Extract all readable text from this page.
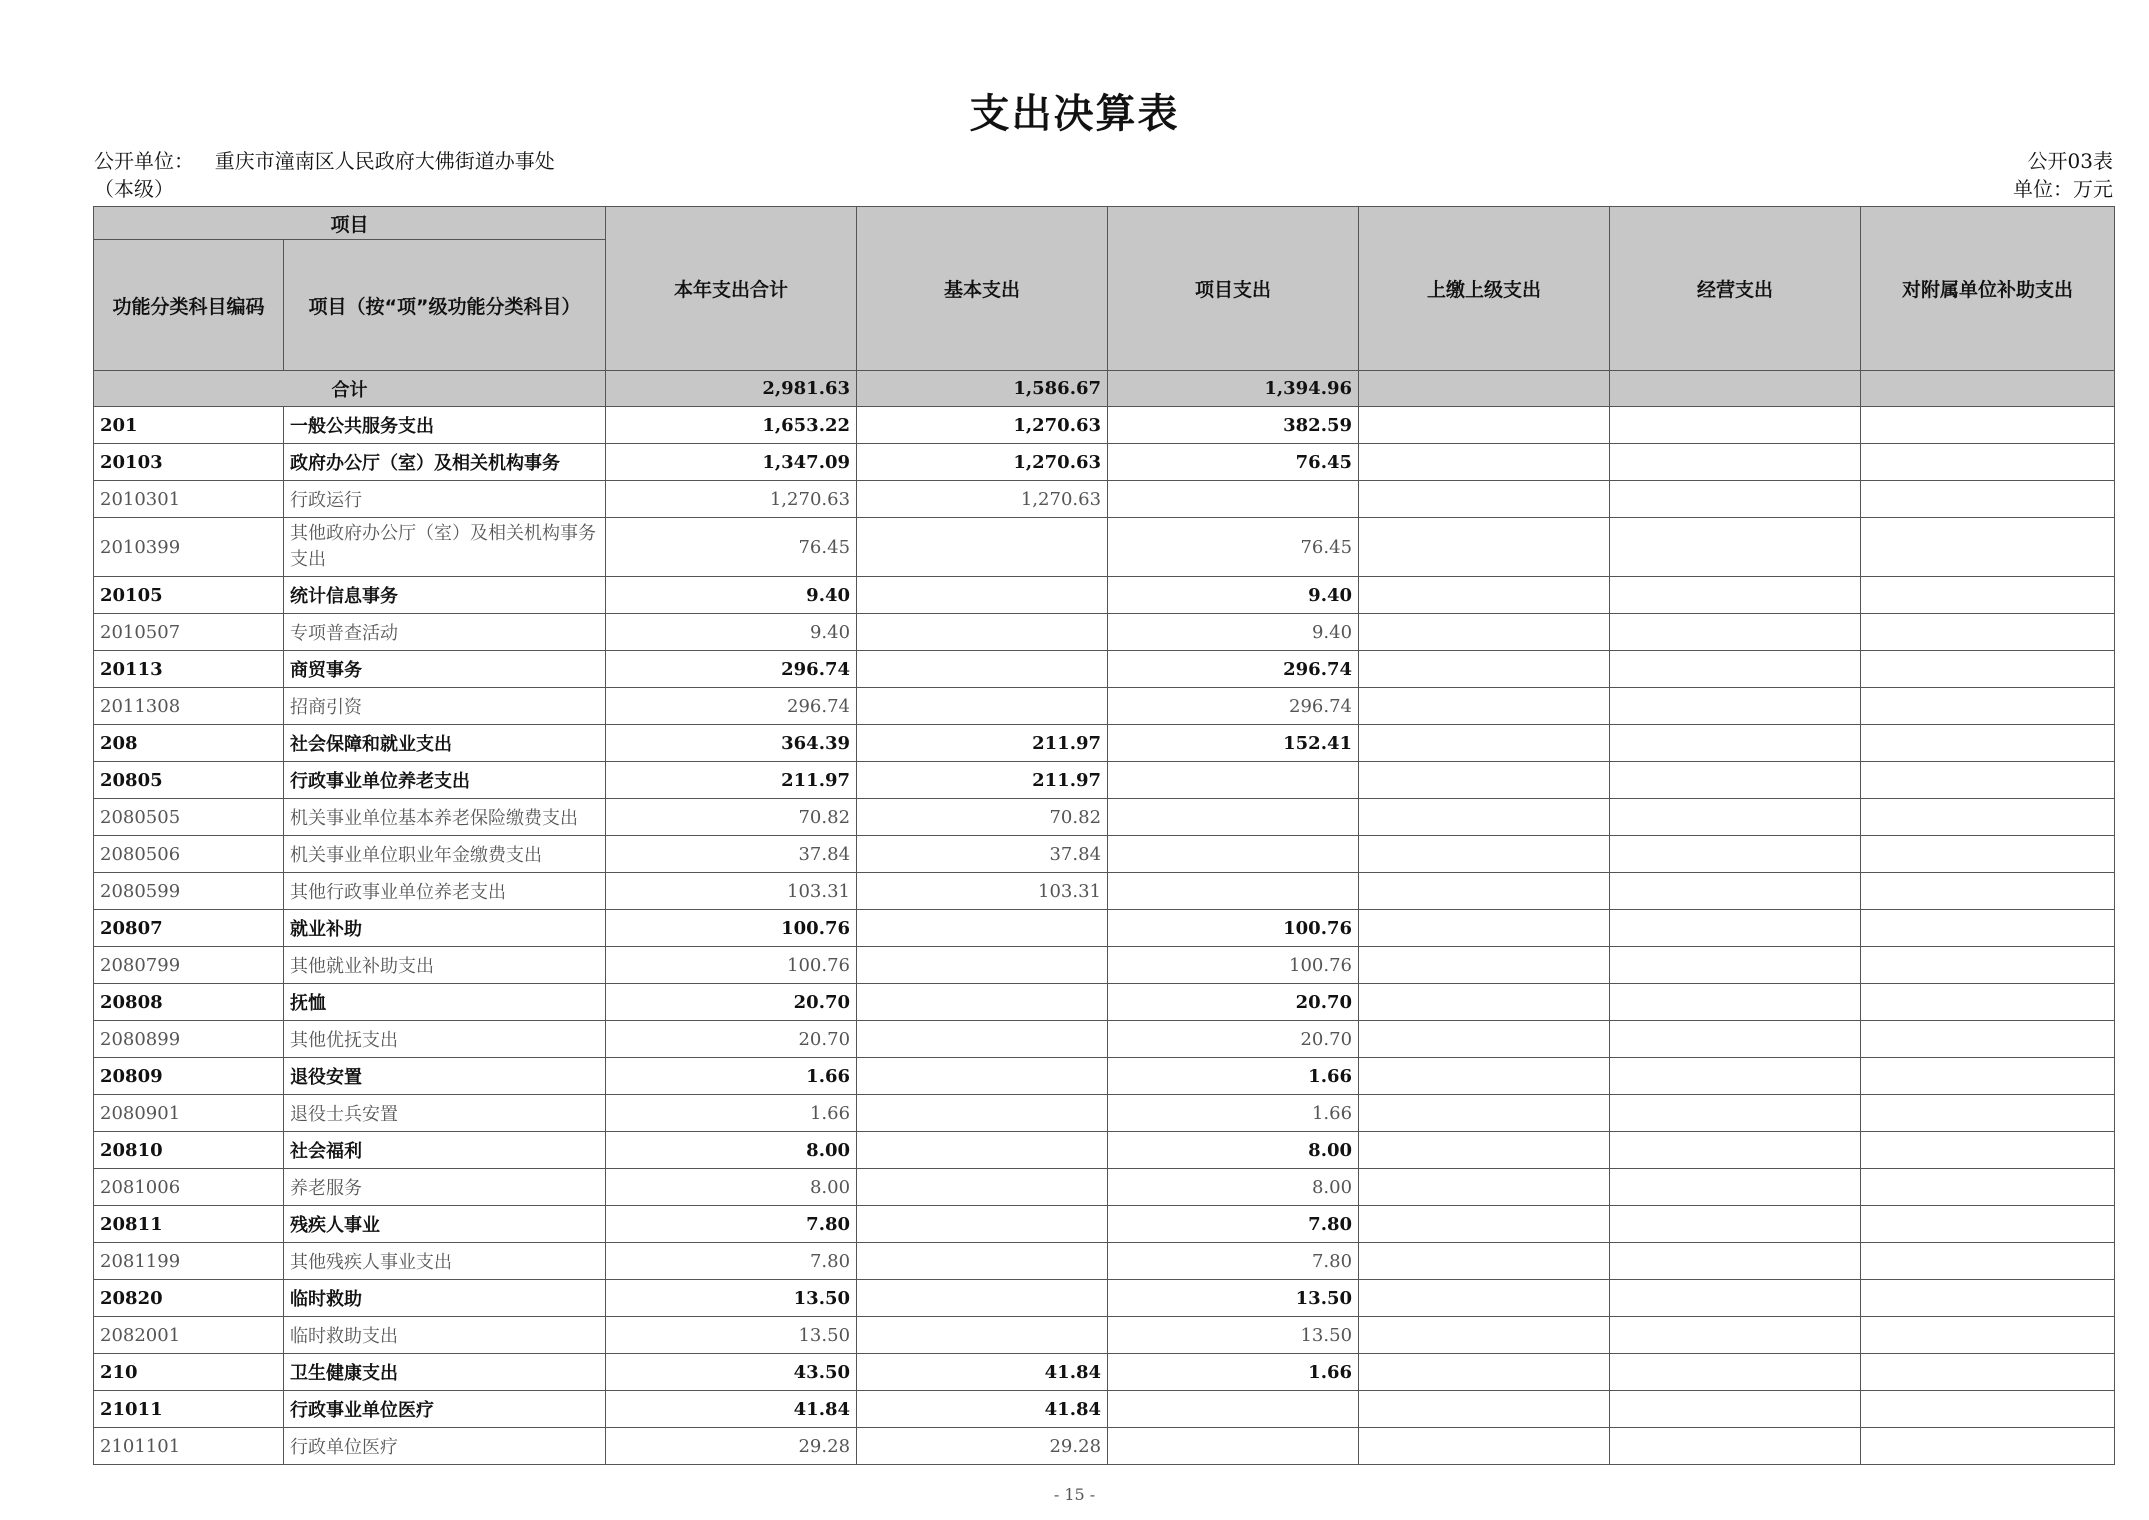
支出决算表
公开单位： 重庆市潼南区人民政府大佛街道办事处
（本级）
公开03表
单位：万元
项目		本年支出合计	基本支出	项目支出	上缴上级支出	经营支出	对附属单位补助支出
功能分类科目编码	项目（按“项”级功能分类科目）						
合计		2,981.63	1,586.67	1,394.96			
201	一般公共服务支出	1,653.22	1,270.63	382.59			
20103	政府办公厅（室）及相关机构事务	1,347.09	1,270.63	76.45			
2010301	行政运行	1,270.63	1,270.63				
2010399	其他政府办公厅（室）及相关机构事务支出	76.45		76.45			
20105	统计信息事务	9.40		9.40			
2010507	专项普查活动	9.40		9.40			
20113	商贸事务	296.74		296.74			
2011308	招商引资	296.74		296.74			
208	社会保障和就业支出	364.39	211.97	152.41			
20805	行政事业单位养老支出	211.97	211.97				
2080505	机关事业单位基本养老保险缴费支出	70.82	70.82				
2080506	机关事业单位职业年金缴费支出	37.84	37.84				
2080599	其他行政事业单位养老支出	103.31	103.31				
20807	就业补助	100.76		100.76			
2080799	其他就业补助支出	100.76		100.76			
20808	抚恤	20.70		20.70			
2080899	其他优抚支出	20.70		20.70			
20809	退役安置	1.66		1.66			
2080901	退役士兵安置	1.66		1.66			
20810	社会福利	8.00		8.00			
2081006	养老服务	8.00		8.00			
20811	残疾人事业	7.80		7.80			
2081199	其他残疾人事业支出	7.80		7.80			
20820	临时救助	13.50		13.50			
2082001	临时救助支出	13.50		13.50			
210	卫生健康支出	43.50	41.84	1.66			
21011	行政事业单位医疗	41.84	41.84				
2101101	行政单位医疗	29.28	29.28				
- 15 -
